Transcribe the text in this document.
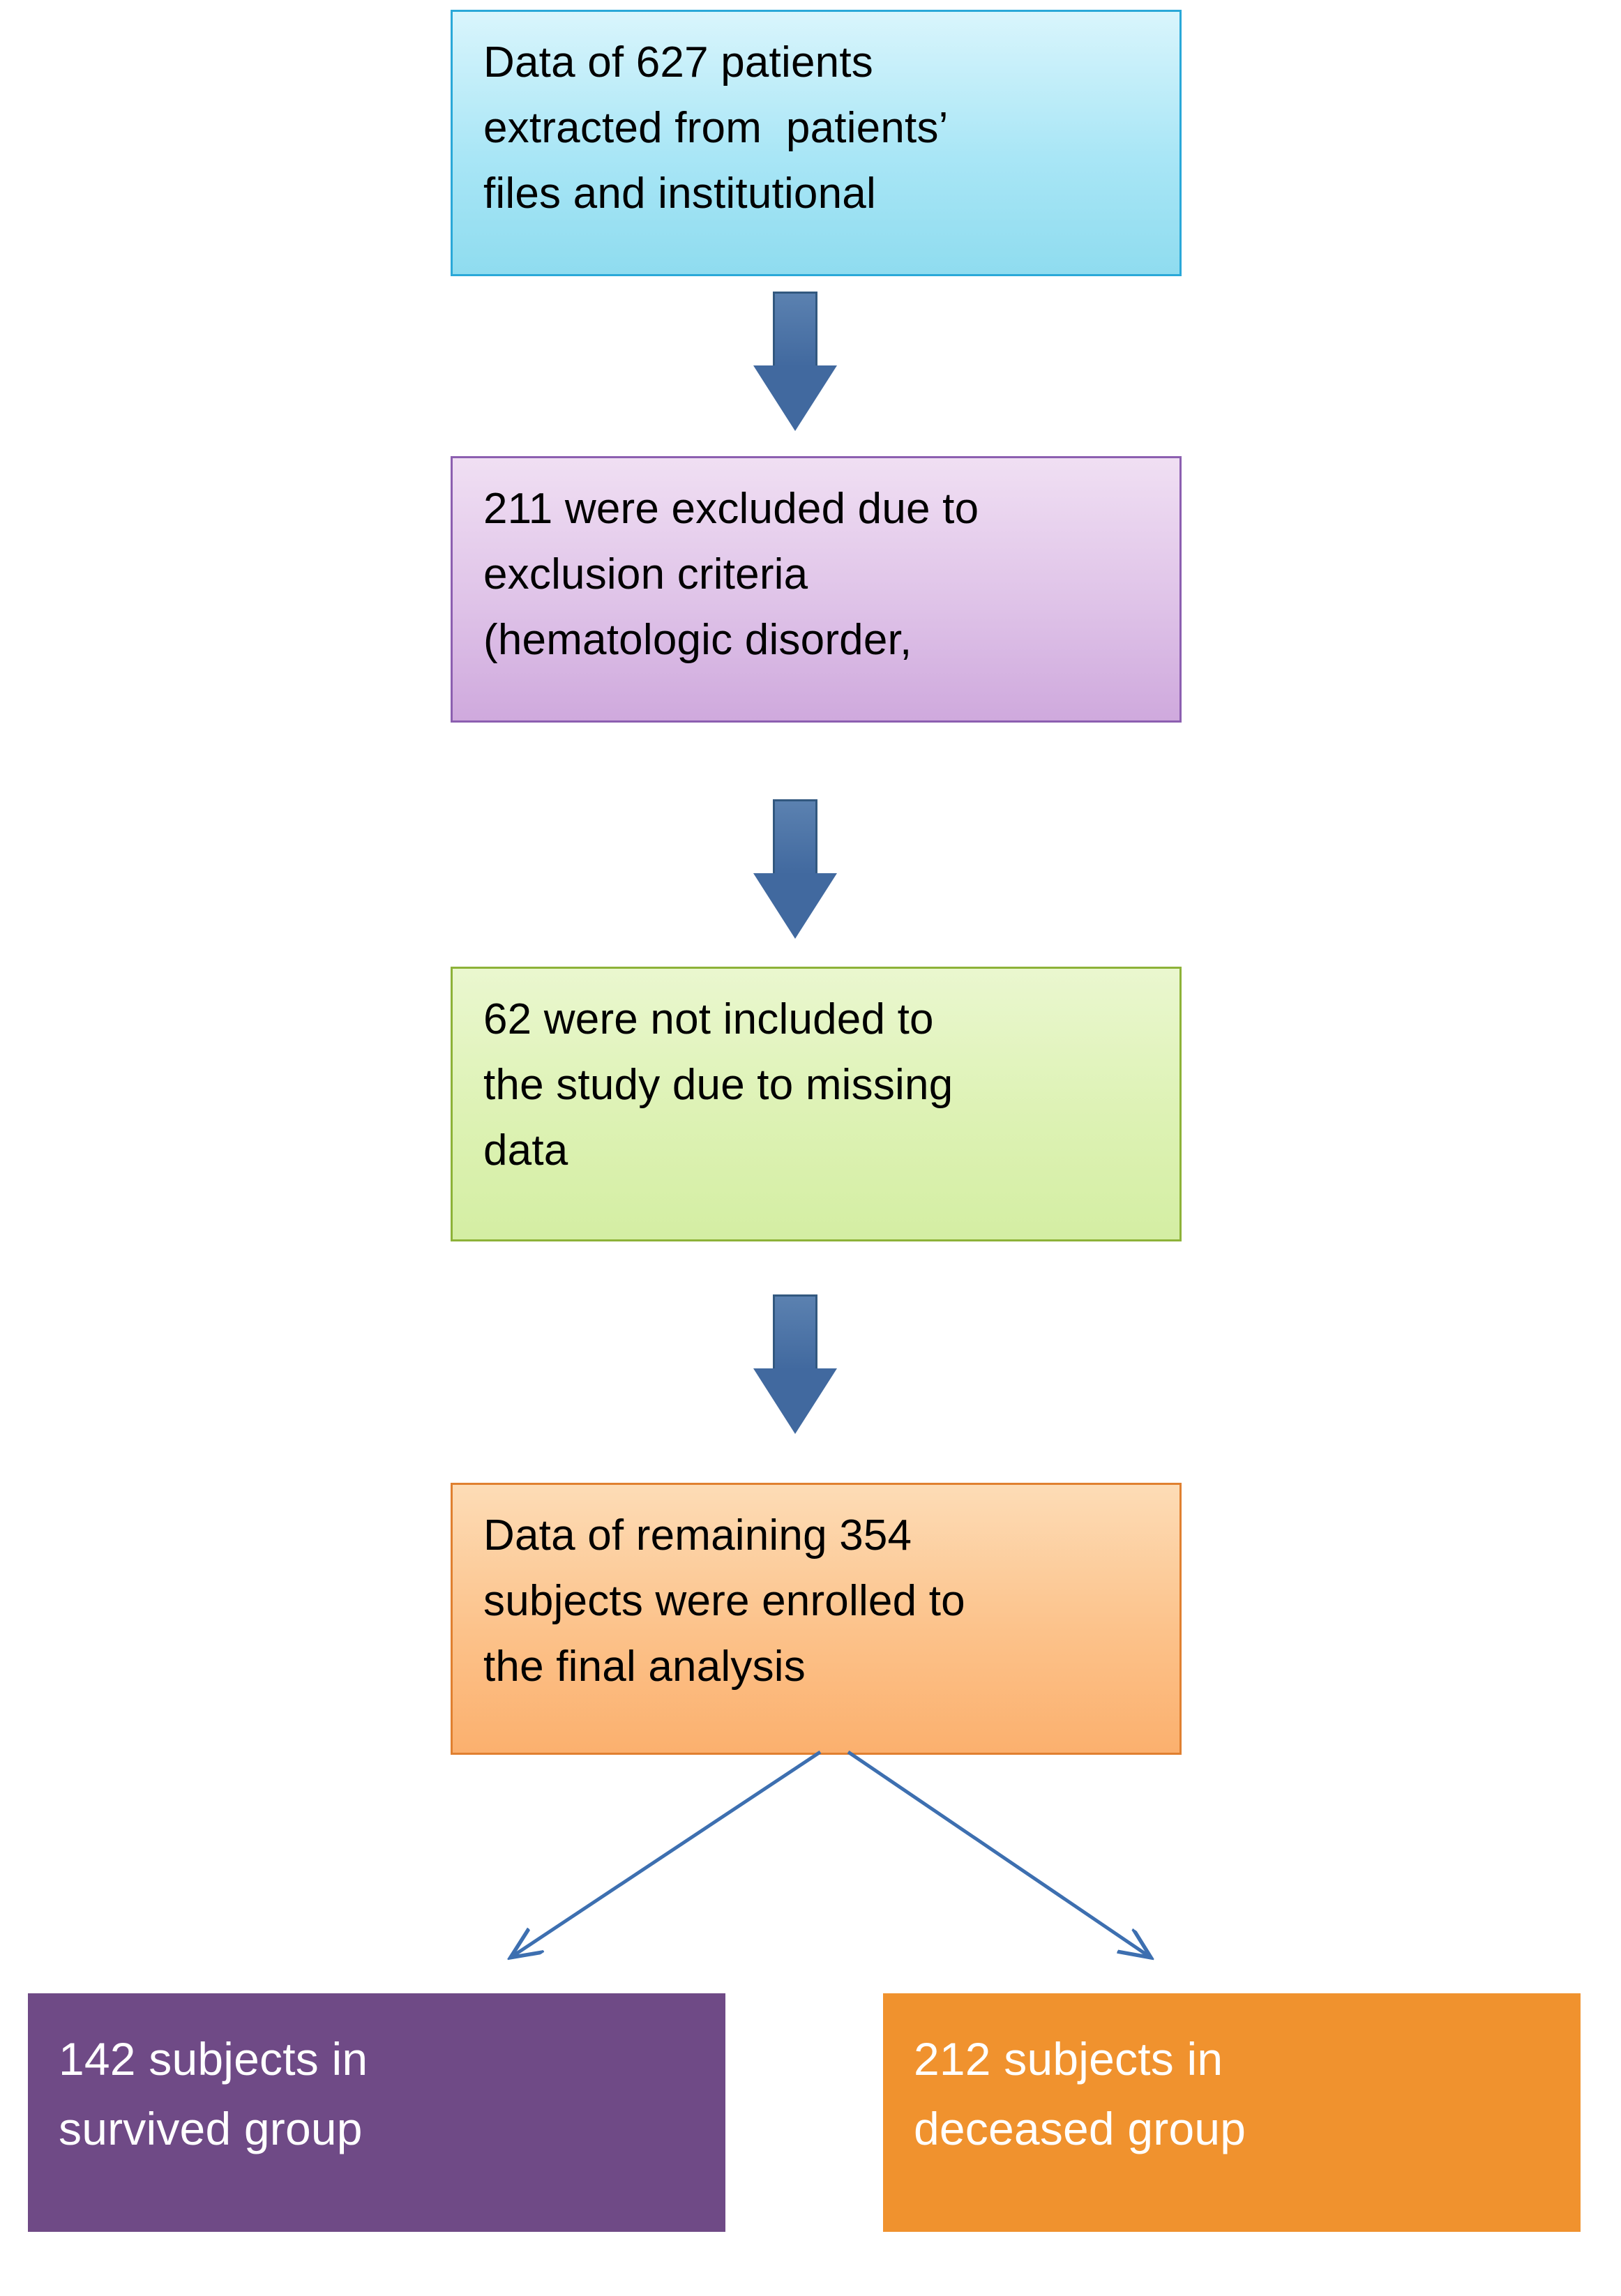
Data of 627 patients
extracted from  patients’
files and institutional
211 were excluded due to
exclusion criteria
(hematologic disorder,
62 were not included to
the study due to missing
data
Data of remaining 354
subjects were enrolled to
the final analysis
142 subjects in
survived group
212 subjects in
deceased group
